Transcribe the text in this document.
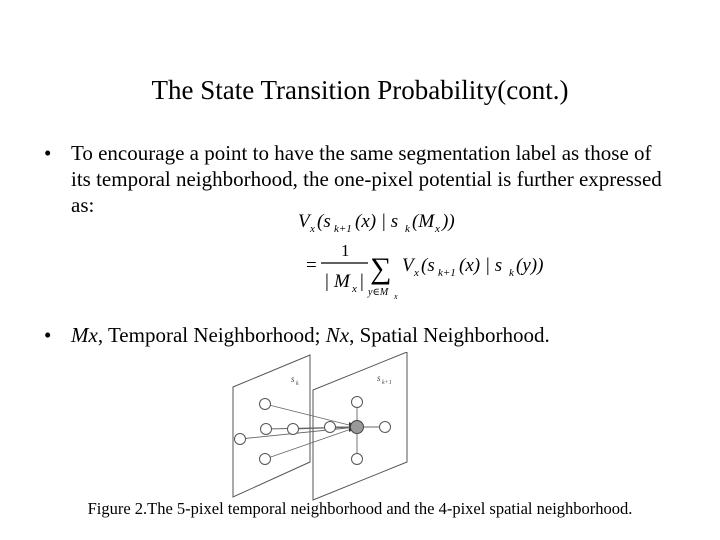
The State Transition Probability(cont.)
• To encourage a point to have the same segmentation label as those of its temporal neighborhood, the one-pixel potential is further expressed as:
V x (s k+1 (x) | s k (M x ))
=
1
| M x | ∑
y∈M x
V x (s k+1 (x) | s k (y))
• Mx, Temporal Neighborhood; Nx, Spatial Neighborhood.
s k
s k+1
Figure 2.The 5-pixel temporal neighborhood and the 4-pixel spatial neighborhood.
